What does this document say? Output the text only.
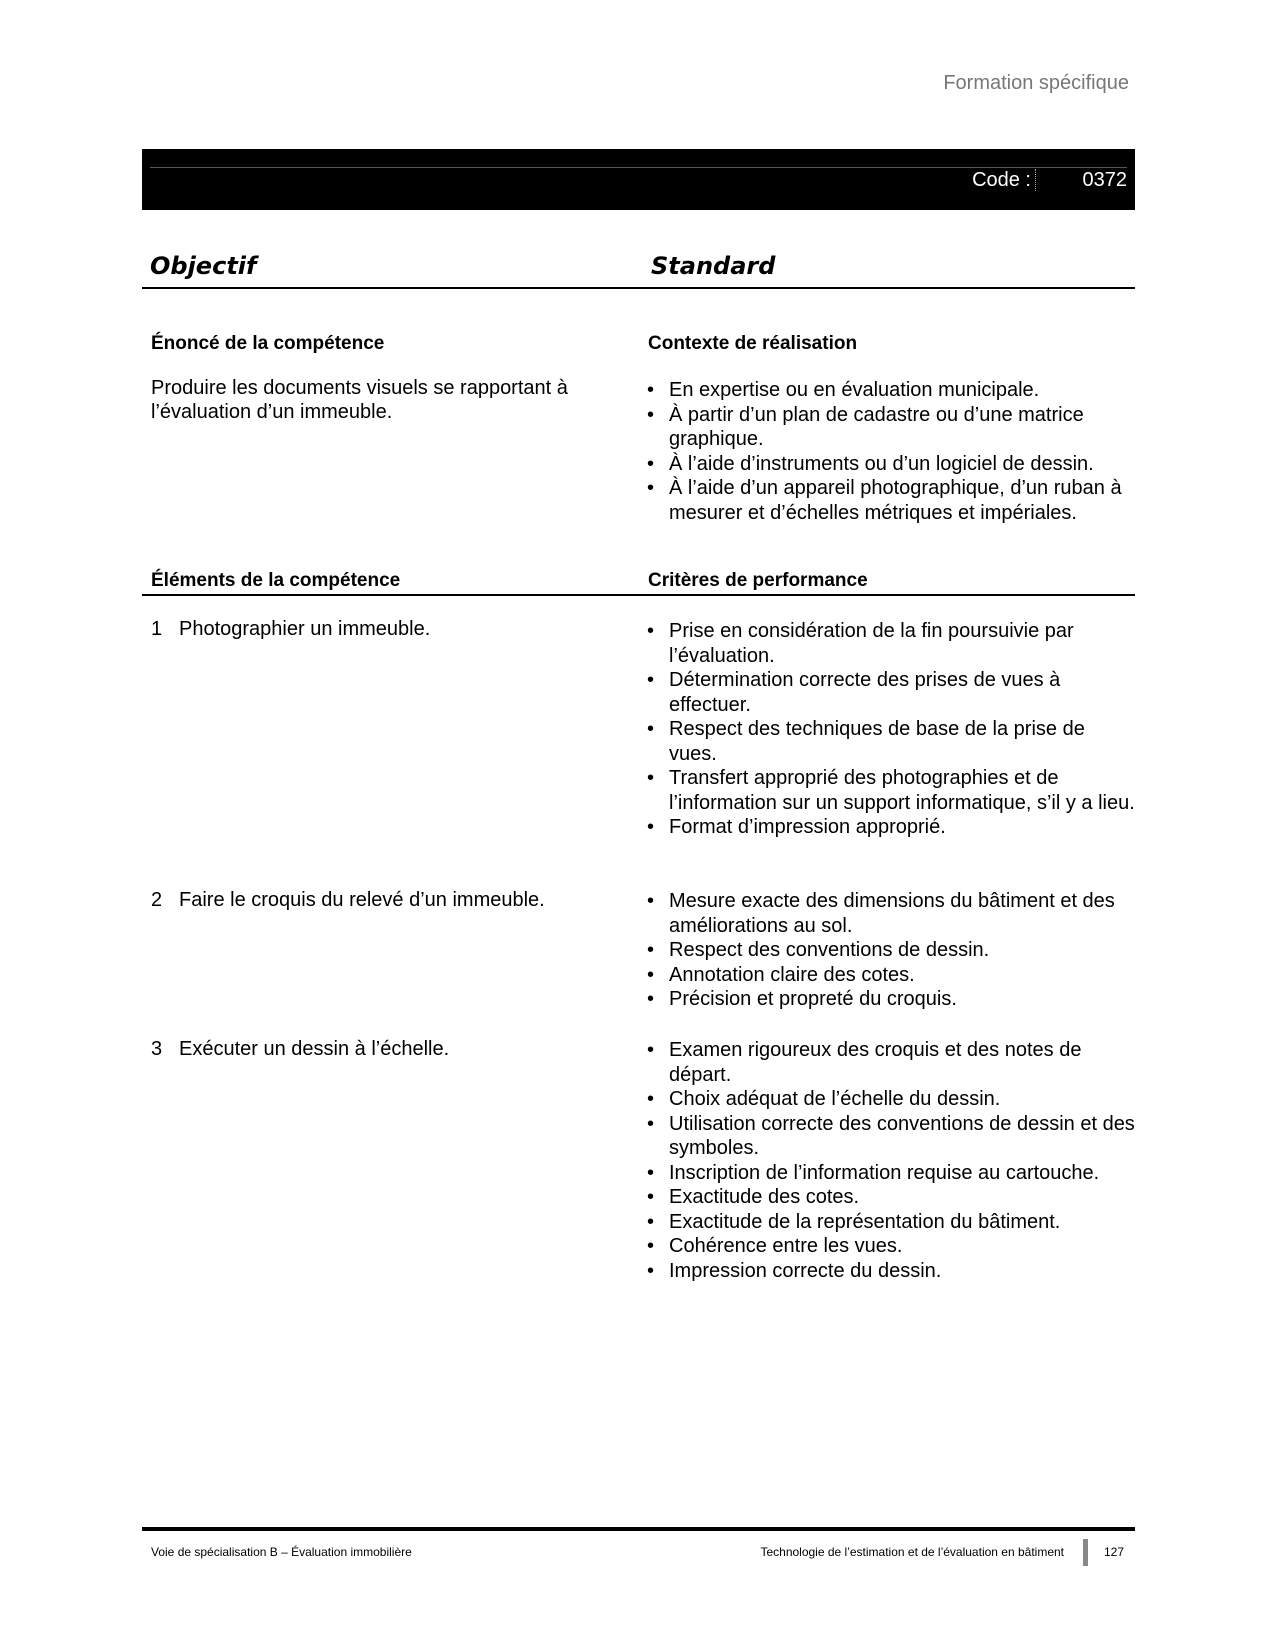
Formation spécifique
Code :	0372
Objectif	Standard
Énoncé de la compétence
Produire les documents visuels se rapportant à
l’évaluation d’un immeuble.
Contexte de réalisation
• En expertise ou en évaluation municipale.
• À partir d’un plan de cadastre ou d’une matrice graphique.
• À l’aide d’instruments ou d’un logiciel de dessin.
• À l’aide d’un appareil photographique, d’un ruban à mesurer et d’échelles métriques et impériales.
Éléments de la compétence	Critères de performance
1 Photographier un immeuble.	• Prise en considération de la fin poursuivie par l’évaluation.
• Détermination correcte des prises de vues à effectuer.
• Respect des techniques de base de la prise de vues.
• Transfert approprié des photographies et de l’information sur un support informatique, s’il y a lieu.
• Format d’impression approprié.
2 Faire le croquis du relevé d’un immeuble.	• Mesure exacte des dimensions du bâtiment et des améliorations au sol.
• Respect des conventions de dessin.
• Annotation claire des cotes.
• Précision et propreté du croquis.
3 Exécuter un dessin à l’échelle.	• Examen rigoureux des croquis et des notes de départ.
• Choix adéquat de l’échelle du dessin.
• Utilisation correcte des conventions de dessin et des symboles.
• Inscription de l’information requise au cartouche.
• Exactitude des cotes.
• Exactitude de la représentation du bâtiment.
• Cohérence entre les vues.
• Impression correcte du dessin.
Voie de spécialisation B – Évaluation immobilière	Technologie de l’estimation et de l’évaluation en bâtiment	127
